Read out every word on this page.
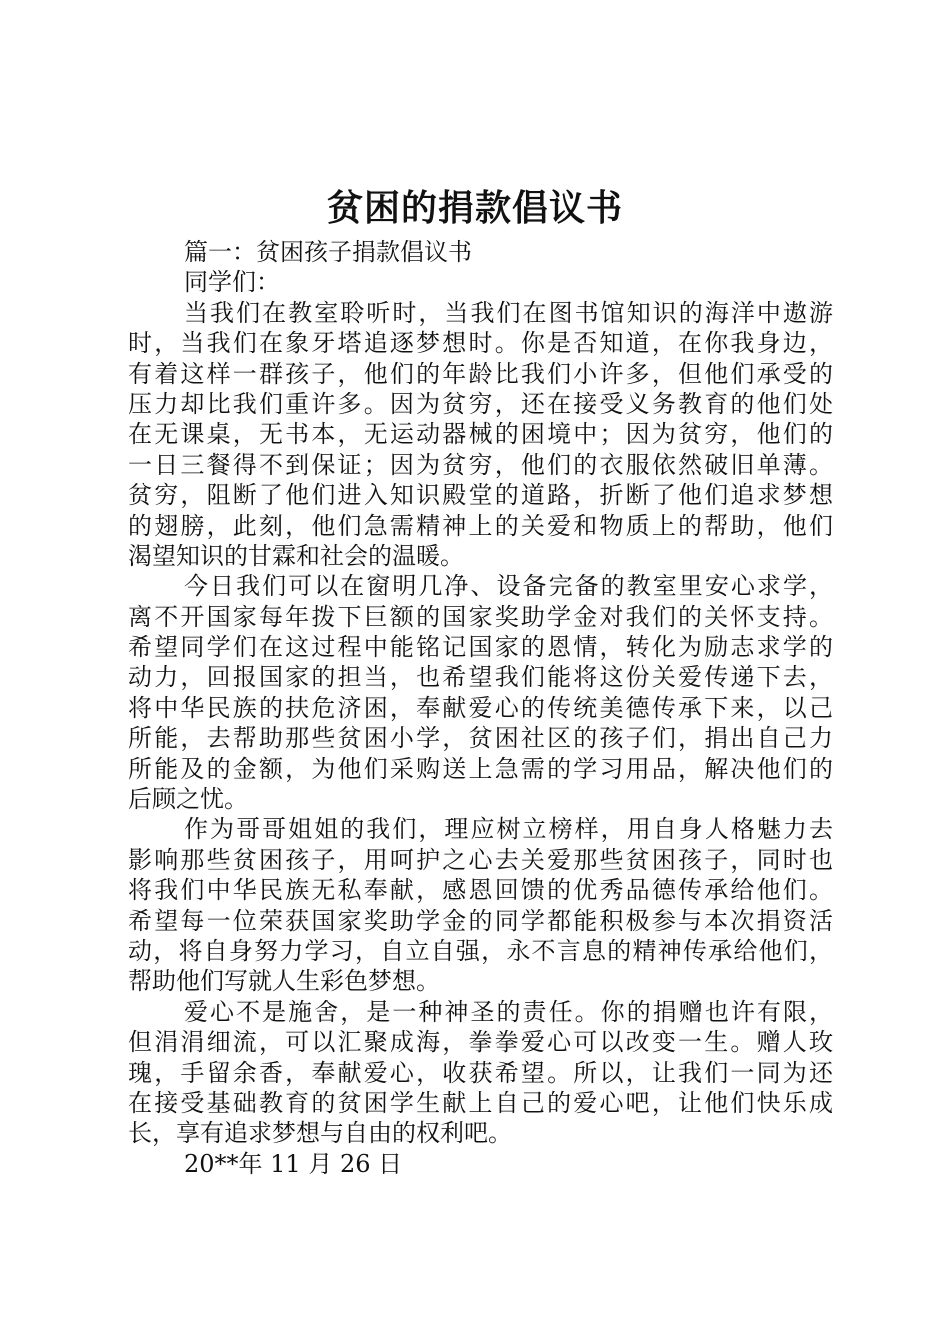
贫困的捐款倡议书
篇一：贫困孩子捐款倡议书
同学们：
当我们在教室聆听时，当我们在图书馆知识的海洋中遨游
时，当我们在象牙塔追逐梦想时。你是否知道，在你我身边，
有着这样一群孩子，他们的年龄比我们小许多，但他们承受的
压力却比我们重许多。因为贫穷，还在接受义务教育的他们处
在无课桌，无书本，无运动器械的困境中；因为贫穷，他们的
一日三餐得不到保证；因为贫穷，他们的衣服依然破旧单薄。
贫穷，阻断了他们进入知识殿堂的道路，折断了他们追求梦想
的翅膀，此刻，他们急需精神上的关爱和物质上的帮助，他们
渴望知识的甘霖和社会的温暖。
今日我们可以在窗明几净、设备完备的教室里安心求学，
离不开国家每年拨下巨额的国家奖助学金对我们的关怀支持。
希望同学们在这过程中能铭记国家的恩情，转化为励志求学的
动力，回报国家的担当，也希望我们能将这份关爱传递下去，
将中华民族的扶危济困，奉献爱心的传统美德传承下来，以己
所能，去帮助那些贫困小学，贫困社区的孩子们，捐出自己力
所能及的金额，为他们采购送上急需的学习用品，解决他们的
后顾之忧。
作为哥哥姐姐的我们，理应树立榜样，用自身人格魅力去
影响那些贫困孩子，用呵护之心去关爱那些贫困孩子，同时也
将我们中华民族无私奉献，感恩回馈的优秀品德传承给他们。
希望每一位荣获国家奖助学金的同学都能积极参与本次捐资活
动，将自身努力学习，自立自强，永不言息的精神传承给他们，
帮助他们写就人生彩色梦想。
爱心不是施舍，是一种神圣的责任。你的捐赠也许有限，
但涓涓细流，可以汇聚成海，拳拳爱心可以改变一生。赠人玫
瑰，手留余香，奉献爱心，收获希望。所以，让我们一同为还
在接受基础教育的贫困学生献上自己的爱心吧，让他们快乐成
长，享有追求梦想与自由的权利吧。
20**年 11 月 26 日
